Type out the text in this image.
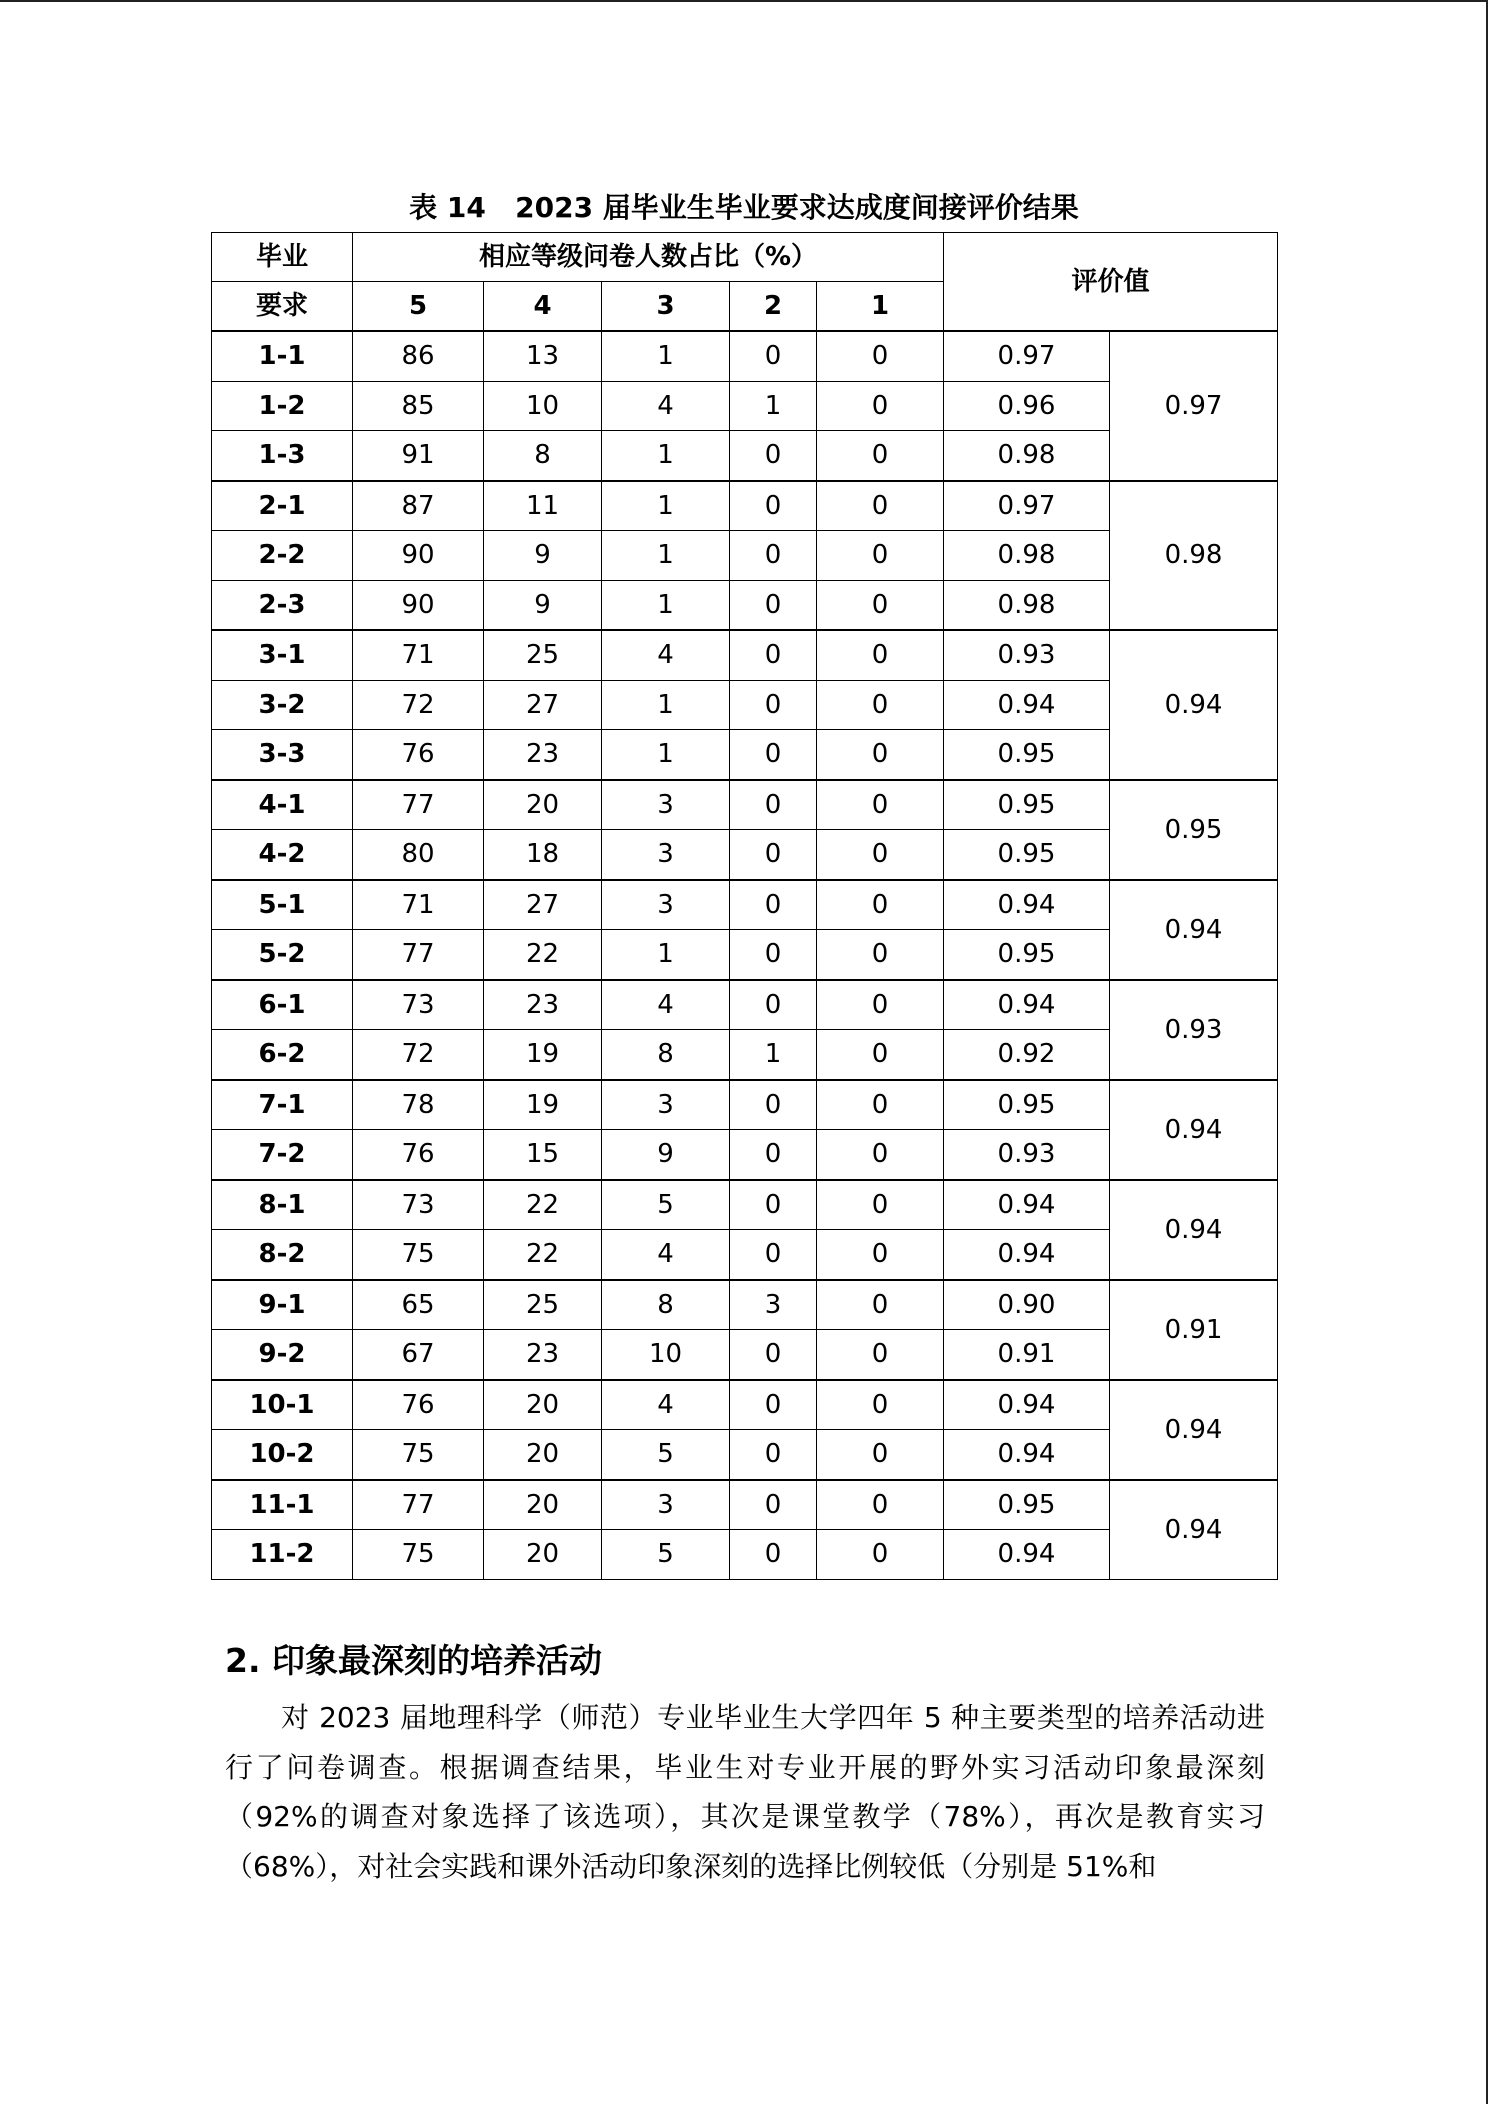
表 14   2023 届毕业生毕业要求达成度间接评价结果
毕业	相应等级问卷人数占比（%）					评价值	
要求	5	4	3	2	1		
1-1	86	13	1	0	0	0.97	0.97
1-2	85	10	4	1	0	0.96	
1-3	91	8	1	0	0	0.98	
2-1	87	11	1	0	0	0.97	0.98
2-2	90	9	1	0	0	0.98	
2-3	90	9	1	0	0	0.98	
3-1	71	25	4	0	0	0.93	0.94
3-2	72	27	1	0	0	0.94	
3-3	76	23	1	0	0	0.95	
4-1	77	20	3	0	0	0.95	0.95
4-2	80	18	3	0	0	0.95	
5-1	71	27	3	0	0	0.94	0.94
5-2	77	22	1	0	0	0.95	
6-1	73	23	4	0	0	0.94	0.93
6-2	72	19	8	1	0	0.92	
7-1	78	19	3	0	0	0.95	0.94
7-2	76	15	9	0	0	0.93	
8-1	73	22	5	0	0	0.94	0.94
8-2	75	22	4	0	0	0.94	
9-1	65	25	8	3	0	0.90	0.91
9-2	67	23	10	0	0	0.91	
10-1	76	20	4	0	0	0.94	0.94
10-2	75	20	5	0	0	0.94	
11-1	77	20	3	0	0	0.95	0.94
11-2	75	20	5	0	0	0.94	
2. 印象最深刻的培养活动
对 2023 届地理科学（师范）专业毕业生大学四年 5 种主要类型的培养活动进行了问卷调查。根据调查结果，毕业生对专业开展的野外实习活动印象最深刻（92%的调查对象选择了该选项），其次是课堂教学（78%），再次是教育实习（68%），对社会实践和课外活动印象深刻的选择比例较低（分别是 51%和
